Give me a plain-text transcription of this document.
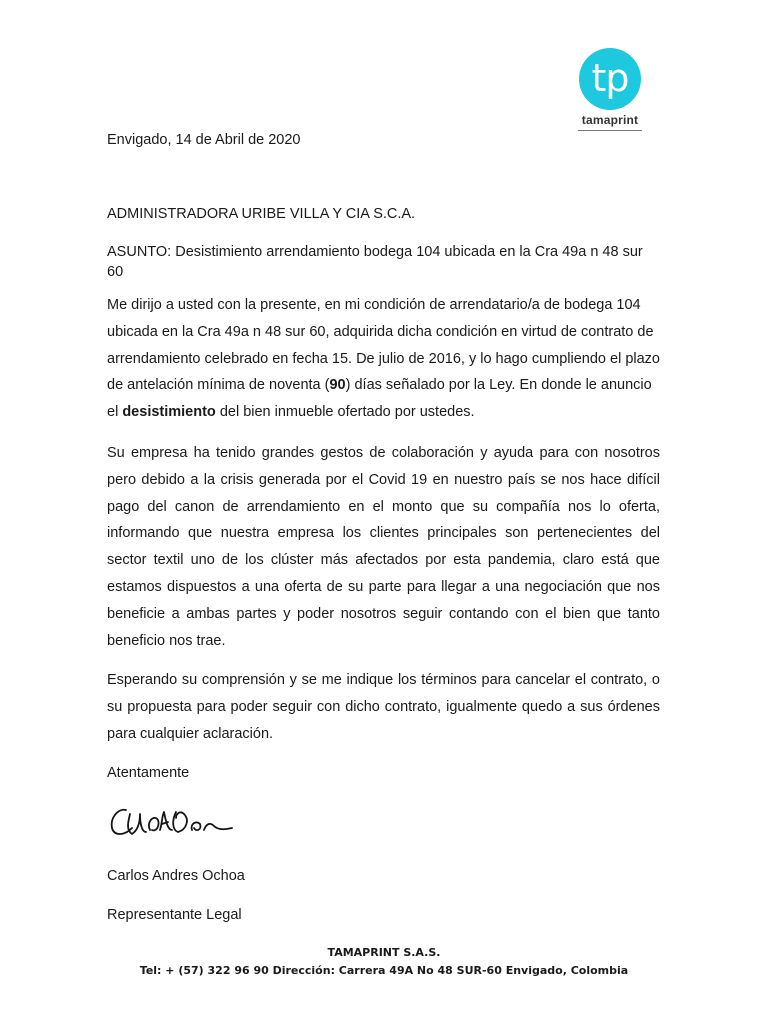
tp
tamaprint
Envigado, 14 de Abril de 2020
ADMINISTRADORA URIBE VILLA Y CIA S.C.A.
ASUNTO: Desistimiento arrendamiento bodega 104 ubicada en la Cra 49a n 48 sur 60
Me dirijo a usted con la presente, en mi condición de arrendatario/a de bodega 104 ubicada en la Cra 49a n 48 sur 60, adquirida dicha condición en virtud de contrato de arrendamiento celebrado en fecha 15. De julio de 2016, y lo hago cumpliendo el plazo de antelación mínima de noventa (90) días señalado por la Ley. En donde le anuncio el desistimiento del bien inmueble ofertado por ustedes.
Su empresa ha tenido grandes gestos de colaboración y ayuda para con nosotros pero debido a la crisis generada por el Covid 19 en nuestro país se nos hace difícil pago del canon de arrendamiento en el monto que su compañía nos lo oferta, informando que nuestra empresa los clientes principales son pertenecientes del sector textil uno de los clúster más afectados por esta pandemia, claro está que estamos dispuestos a una oferta de su parte para llegar a una negociación que nos beneficie a ambas partes y poder nosotros seguir contando con el bien que tanto beneficio nos trae.
Esperando su comprensión y se me indique los términos para cancelar el contrato, o su propuesta para poder seguir con dicho contrato, igualmente quedo a sus órdenes para cualquier aclaración.
Atentamente
Carlos Andres Ochoa
Representante Legal
TAMAPRINT S.A.S.
Tel: + (57) 322 96 90 Dirección: Carrera 49A No 48 SUR-60 Envigado, Colombia
